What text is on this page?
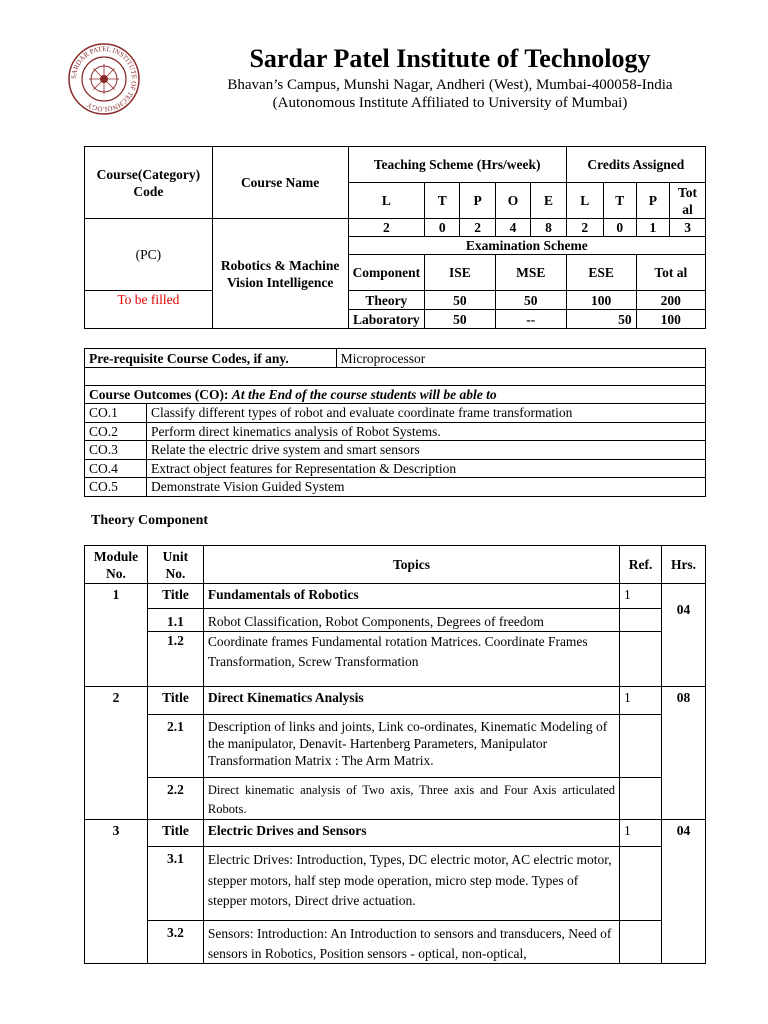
SARDAR PATEL INSTITUTE OF TECHNOLOGY
Sardar Patel Institute of Technology
Bhavan’s Campus, Munshi Nagar, Andheri (West), Mumbai-400058-India
(Autonomous Institute Affiliated to University of Mumbai)
Course(Category) Code	Course Name	Teaching Scheme (Hrs/week)					Credits Assigned			
		L	T	P	O	E	L	T	P	Tot al
(PC)	Robotics & Machine Vision Intelligence	2	0	2	4	8	2	0	1	3
		Examination Scheme								
		Component	ISE		MSE		ESE		Tot al	
To be filled		Theory	50		50		100		200	
		Laboratory	50		--		50		100	
Pre-requisite Course Codes, if any.		Microprocessor

Course Outcomes (CO): At the End of the course students will be able to		
CO.1	Classify different types of robot and evaluate coordinate frame transformation	
CO.2	Perform direct kinematics analysis of Robot Systems.	
CO.3	Relate the electric drive system and smart sensors	
CO.4	Extract object features for Representation & Description	
CO.5	Demonstrate Vision Guided System	
Theory Component
Module No.	Unit No.	Topics	Ref.	Hrs.
1	Title	Fundamentals of Robotics	1	04
	1.1	Robot Classification, Robot Components, Degrees of freedom		
	1.2	Coordinate frames Fundamental rotation Matrices. Coordinate Frames Transformation, Screw Transformation		
2	Title	Direct Kinematics Analysis	1	08
	2.1	Description of links and joints, Link co-ordinates, Kinematic Modeling of the manipulator, Denavit- Hartenberg Parameters, Manipulator Transformation Matrix : The Arm Matrix.		
	2.2	Direct kinematic analysis of Two axis, Three axis and Four Axis articulated Robots.		
3	Title	Electric Drives and Sensors	1	04
	3.1	Electric Drives: Introduction, Types, DC electric motor, AC electric motor, stepper motors, half step mode operation, micro step mode. Types of stepper motors, Direct drive actuation.		
	3.2	Sensors: Introduction: An Introduction to sensors and transducers, Need of sensors in Robotics, Position sensors - optical, non-optical,		
